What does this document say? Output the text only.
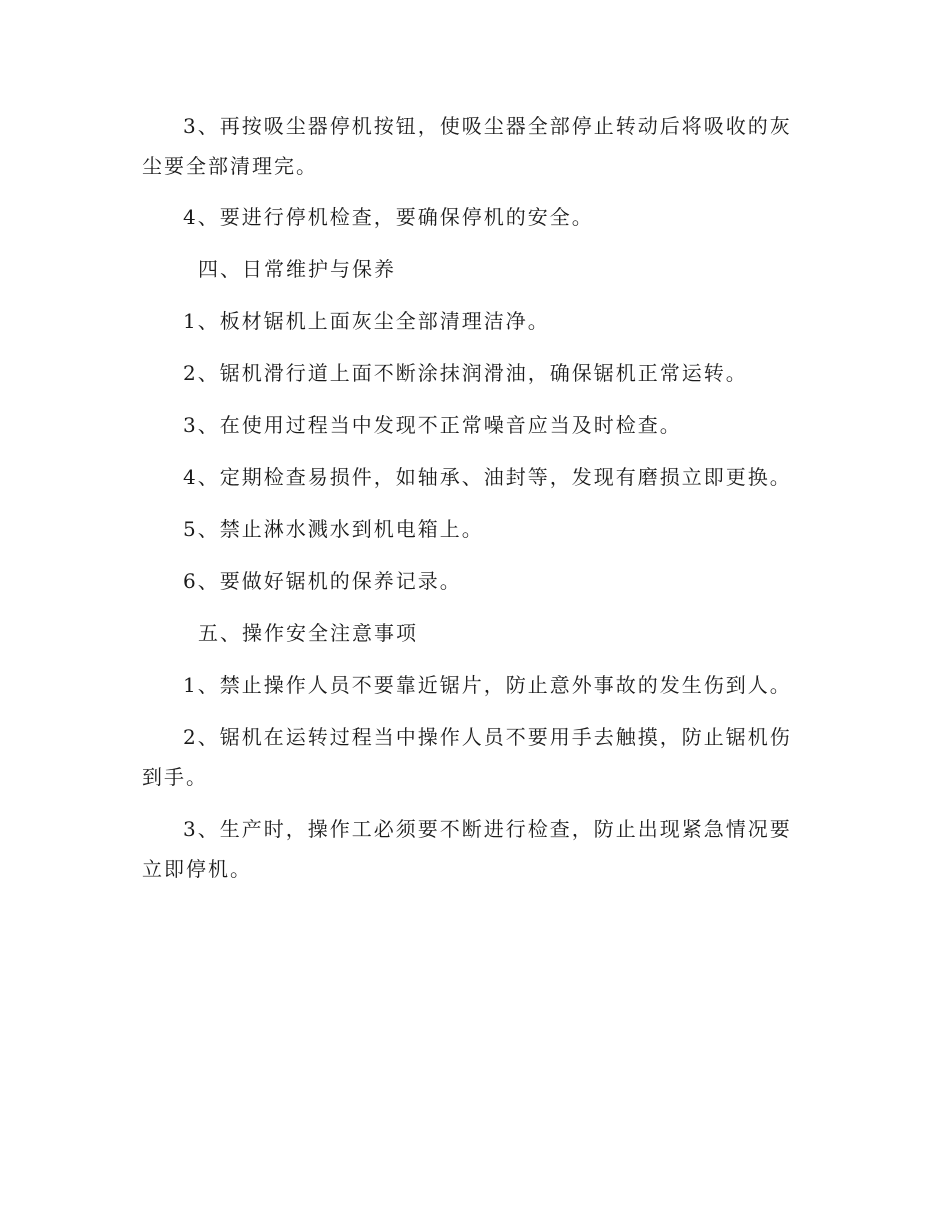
3、再按吸尘器停机按钮，使吸尘器全部停止转动后将吸收的灰尘要全部清理完。

4、要进行停机检查，要确保停机的安全。

四、日常维护与保养

1、板材锯机上面灰尘全部清理洁净。

2、锯机滑行道上面不断涂抹润滑油，确保锯机正常运转。

3、在使用过程当中发现不正常噪音应当及时检查。

4、定期检查易损件，如轴承、油封等，发现有磨损立即更换。

5、禁止淋水溅水到机电箱上。

6、要做好锯机的保养记录。

五、操作安全注意事项

1、禁止操作人员不要靠近锯片，防止意外事故的发生伤到人。

2、锯机在运转过程当中操作人员不要用手去触摸，防止锯机伤到手。

3、生产时，操作工必须要不断进行检查，防止出现紧急情况要立即停机。
